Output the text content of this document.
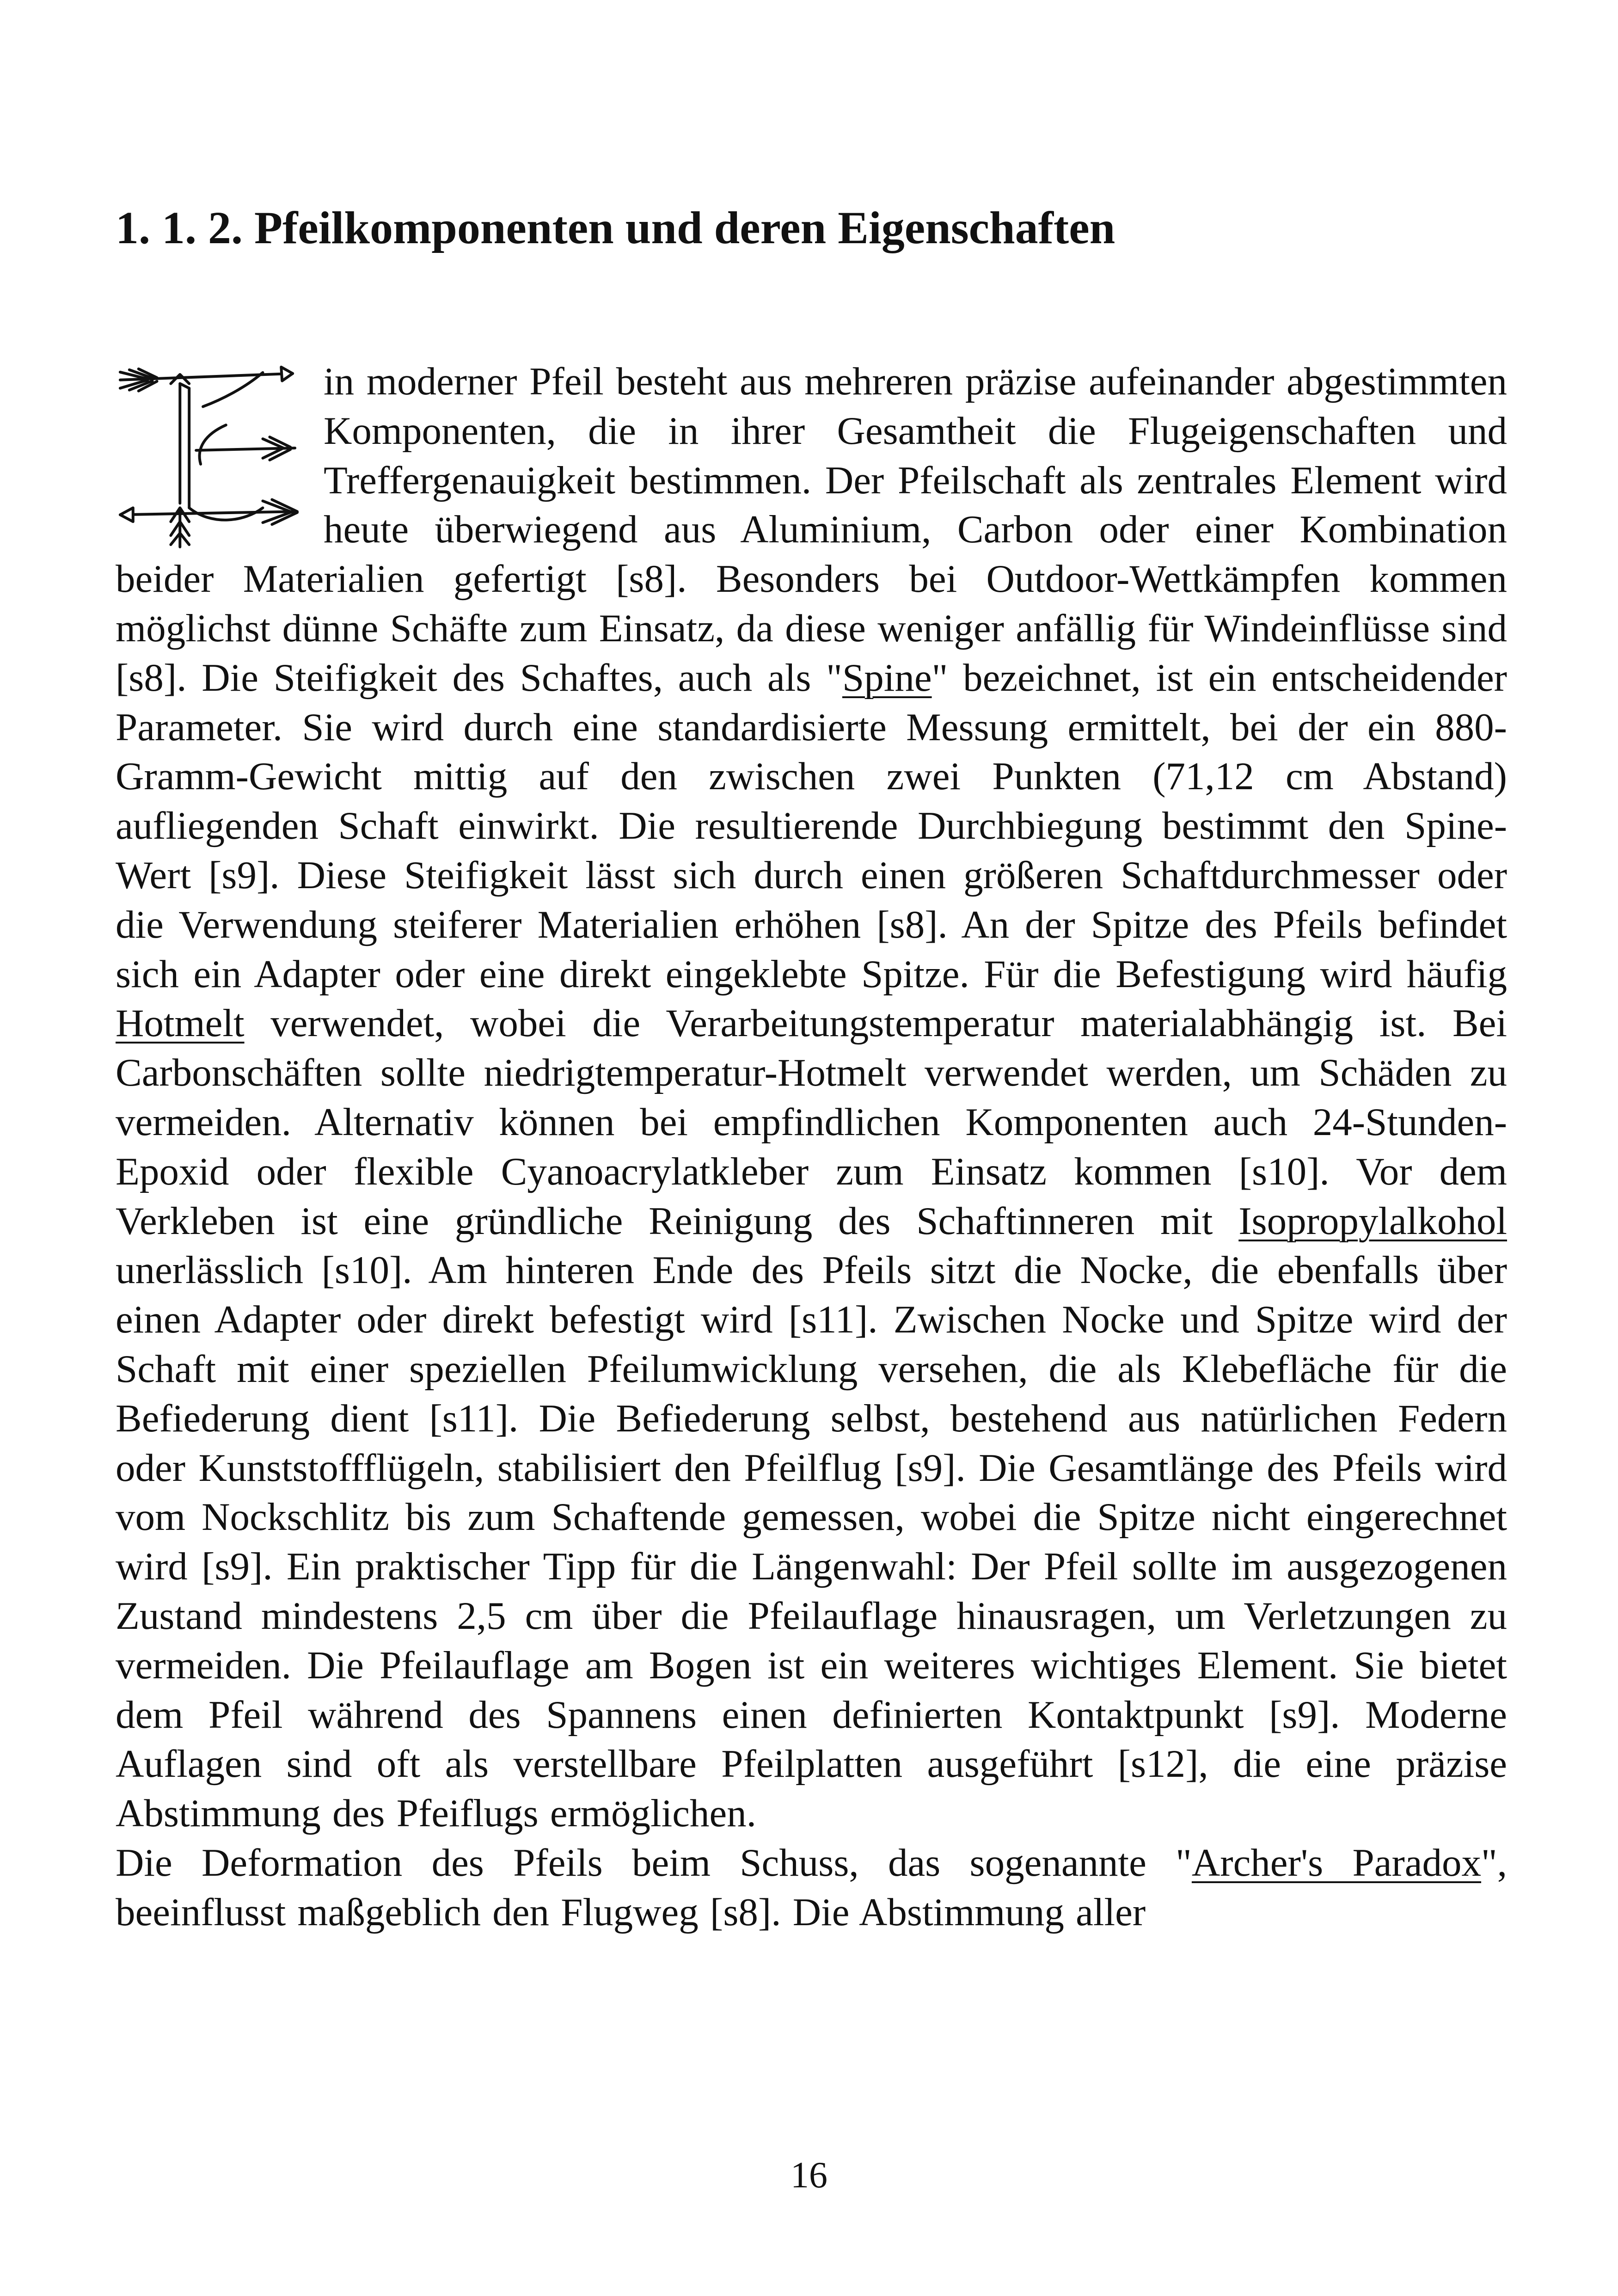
1. 1. 2. Pfeilkomponenten und deren Eigenschaften

in moderner Pfeil besteht aus mehreren präzise aufeinander abgestimmten Komponenten, die in ihrer Gesamtheit die Flugeigenschaften und Treffergenauigkeit bestimmen. Der Pfeilschaft als zentrales Element wird heute überwiegend aus Aluminium, Carbon oder einer Kombination beider Materialien gefertigt [s8]. Besonders bei Outdoor-Wettkämpfen kommen möglichst dünne Schäfte zum Einsatz, da diese weniger anfällig für Windeinflüsse sind [s8]. Die Steifigkeit des Schaftes, auch als "Spine" bezeichnet, ist ein entscheidender Parameter. Sie wird durch eine standardisierte Messung ermittelt, bei der ein 880-Gramm-Gewicht mittig auf den zwischen zwei Punkten (71,12 cm Abstand) aufliegenden Schaft einwirkt. Die resultierende Durchbiegung bestimmt den Spine-Wert [s9]. Diese Steifigkeit lässt sich durch einen größeren Schaftdurchmesser oder die Verwendung steiferer Materialien erhöhen [s8]. An der Spitze des Pfeils befindet sich ein Adapter oder eine direkt eingeklebte Spitze. Für die Befestigung wird häufig Hotmelt verwendet, wobei die Verarbeitungstemperatur materialabhängig ist. Bei Carbonschäften sollte niedrigtemperatur-Hotmelt verwendet werden, um Schäden zu vermeiden. Alternativ können bei empfindlichen Komponenten auch 24-Stunden-Epoxid oder flexible Cyanoacrylatkleber zum Einsatz kommen [s10]. Vor dem Verkleben ist eine gründliche Reinigung des Schaftinneren mit Isopropylalkohol unerlässlich [s10]. Am hinteren Ende des Pfeils sitzt die Nocke, die ebenfalls über einen Adapter oder direkt befestigt wird [s11]. Zwischen Nocke und Spitze wird der Schaft mit einer speziellen Pfeilumwicklung versehen, die als Klebefläche für die Befiederung dient [s11]. Die Befiederung selbst, bestehend aus natürlichen Federn oder Kunststoffflügeln, stabilisiert den Pfeilflug [s9]. Die Gesamtlänge des Pfeils wird vom Nockschlitz bis zum Schaftende gemessen, wobei die Spitze nicht eingerechnet wird [s9]. Ein praktischer Tipp für die Längenwahl: Der Pfeil sollte im ausgezogenen Zustand mindestens 2,5 cm über die Pfeilauflage hinausragen, um Verletzungen zu vermeiden. Die Pfeilauflage am Bogen ist ein weiteres wichtiges Element. Sie bietet dem Pfeil während des Spannens einen definierten Kontaktpunkt [s9]. Moderne Auflagen sind oft als verstellbare Pfeilplatten ausgeführt [s12], die eine präzise Abstimmung des Pfeiflugs ermöglichen.

Die Deformation des Pfeils beim Schuss, das sogenannte "Archer's Paradox", beeinflusst maßgeblich den Flugweg [s8]. Die Abstimmung aller

16
